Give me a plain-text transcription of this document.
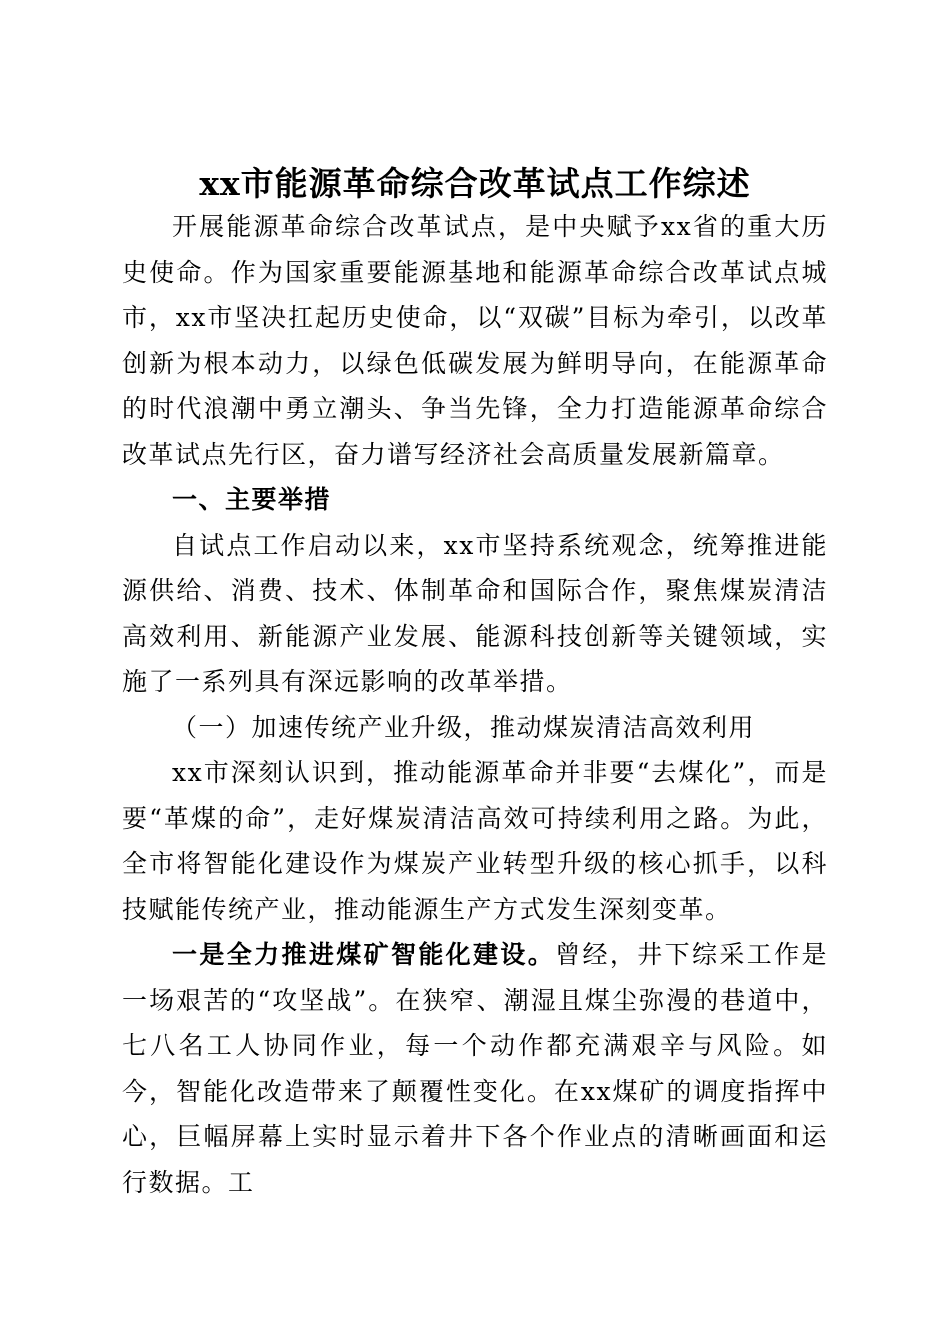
xx市能源革命综合改革试点工作综述

开展能源革命综合改革试点，是中央赋予xx省的重大历史使命。作为国家重要能源基地和能源革命综合改革试点城市，xx市坚决扛起历史使命，以“双碳”目标为牵引，以改革创新为根本动力，以绿色低碳发展为鲜明导向，在能源革命的时代浪潮中勇立潮头、争当先锋，全力打造能源革命综合改革试点先行区，奋力谱写经济社会高质量发展新篇章。

一、主要举措

自试点工作启动以来，xx市坚持系统观念，统筹推进能源供给、消费、技术、体制革命和国际合作，聚焦煤炭清洁高效利用、新能源产业发展、能源科技创新等关键领域，实施了一系列具有深远影响的改革举措。

（一）加速传统产业升级，推动煤炭清洁高效利用

xx市深刻认识到，推动能源革命并非要“去煤化”，而是要“革煤的命”，走好煤炭清洁高效可持续利用之路。为此，全市将智能化建设作为煤炭产业转型升级的核心抓手，以科技赋能传统产业，推动能源生产方式发生深刻变革。

一是全力推进煤矿智能化建设。曾经，井下综采工作是一场艰苦的“攻坚战”。在狭窄、潮湿且煤尘弥漫的巷道中，七八名工人协同作业，每一个动作都充满艰辛与风险。如今，智能化改造带来了颠覆性变化。在xx煤矿的调度指挥中心，巨幅屏幕上实时显示着井下各个作业点的清晰画面和运行数据。工
